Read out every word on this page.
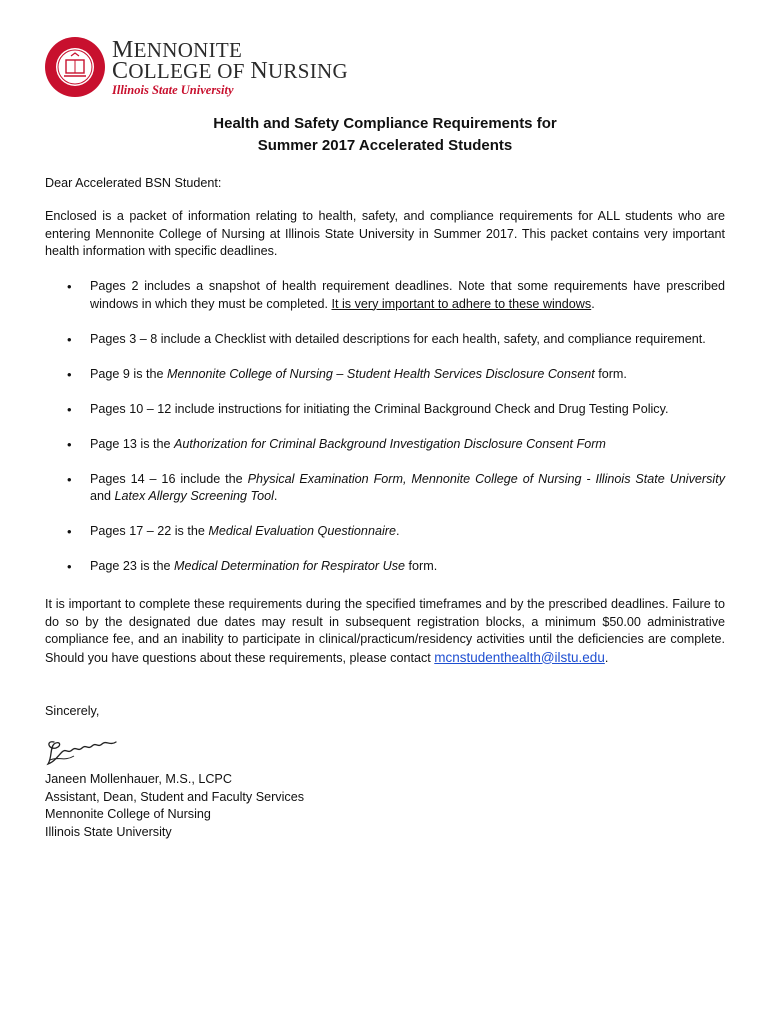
MENNONITE
COLLEGE OF NURSING
Illinois State University
Health and Safety Compliance Requirements for
Summer 2017 Accelerated Students
Dear Accelerated BSN Student:
Enclosed is a packet of information relating to health, safety, and compliance requirements for ALL students who are entering Mennonite College of Nursing at Illinois State University in Summer 2017. This packet contains very important health information with specific deadlines.
• Pages 2 includes a snapshot of health requirement deadlines. Note that some requirements have prescribed windows in which they must be completed. It is very important to adhere to these windows.
• Pages 3 – 8 include a Checklist with detailed descriptions for each health, safety, and compliance requirement.
• Page 9 is the Mennonite College of Nursing – Student Health Services Disclosure Consent form.
• Pages 10 – 12 include instructions for initiating the Criminal Background Check and Drug Testing Policy.
• Page 13 is the Authorization for Criminal Background Investigation Disclosure Consent Form
• Pages 14 – 16 include the Physical Examination Form, Mennonite College of Nursing - Illinois State University and Latex Allergy Screening Tool.
• Pages 17 – 22 is the Medical Evaluation Questionnaire.
• Page 23 is the Medical Determination for Respirator Use form.
It is important to complete these requirements during the specified timeframes and by the prescribed deadlines. Failure to do so by the designated due dates may result in subsequent registration blocks, a minimum $50.00 administrative compliance fee, and an inability to participate in clinical/practicum/residency activities until the deficiencies are complete. Should you have questions about these requirements, please contact mcnstudenthealth@ilstu.edu.
Sincerely,
Janeen Mollenhauer, M.S., LCPC
Assistant, Dean, Student and Faculty Services
Mennonite College of Nursing
Illinois State University
